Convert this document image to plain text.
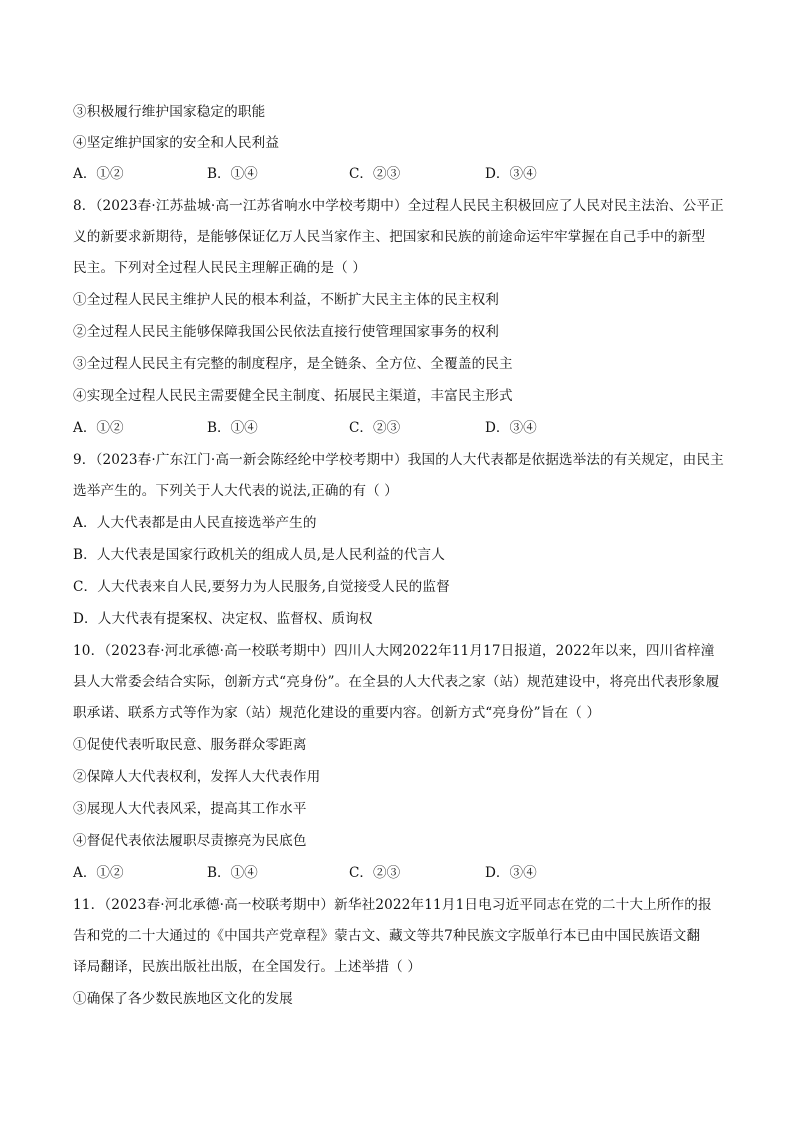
③积极履行维护国家稳定的职能
④坚定维护国家的安全和人民利益
A．①②	B．①④	C．②③	D．③④
8．（2023春·江苏盐城·高一江苏省响水中学校考期中）全过程人民民主积极回应了人民对民主法治、公平正
义的新要求新期待，是能够保证亿万人民当家作主、把国家和民族的前途命运牢牢掌握在自己手中的新型
民主。下列对全过程人民民主理解正确的是（ ）
①全过程人民民主维护人民的根本利益，不断扩大民主主体的民主权利
②全过程人民民主能够保障我国公民依法直接行使管理国家事务的权利
③全过程人民民主有完整的制度程序，是全链条、全方位、全覆盖的民主
④实现全过程人民民主需要健全民主制度、拓展民主渠道，丰富民主形式
A．①②	B．①④	C．②③	D．③④
9．（2023春·广东江门·高一新会陈经纶中学校考期中）我国的人大代表都是依据选举法的有关规定，由民主
选举产生的。下列关于人大代表的说法,正确的有（ ）
A．人大代表都是由人民直接选举产生的
B．人大代表是国家行政机关的组成人员,是人民利益的代言人
C．人大代表来自人民,要努力为人民服务,自觉接受人民的监督
D．人大代表有提案权、决定权、监督权、质询权
10．（2023春·河北承德·高一校联考期中）四川人大网2022年11月17日报道，2022年以来，四川省梓潼
县人大常委会结合实际，创新方式“亮身份”。在全县的人大代表之家（站）规范建设中，将亮出代表形象履
职承诺、联系方式等作为家（站）规范化建设的重要内容。创新方式“亮身份”旨在（ ）
①促使代表听取民意、服务群众零距离
②保障人大代表权利，发挥人大代表作用
③展现人大代表风采，提高其工作水平
④督促代表依法履职尽责擦亮为民底色
A．①②	B．①④	C．②③	D．③④
11．（2023春·河北承德·高一校联考期中）新华社2022年11月1日电习近平同志在党的二十大上所作的报
告和党的二十大通过的《中国共产党章程》蒙古文、藏文等共7种民族文字版单行本已由中国民族语文翻
译局翻译，民族出版社出版，在全国发行。上述举措（ ）
①确保了各少数民族地区文化的发展
